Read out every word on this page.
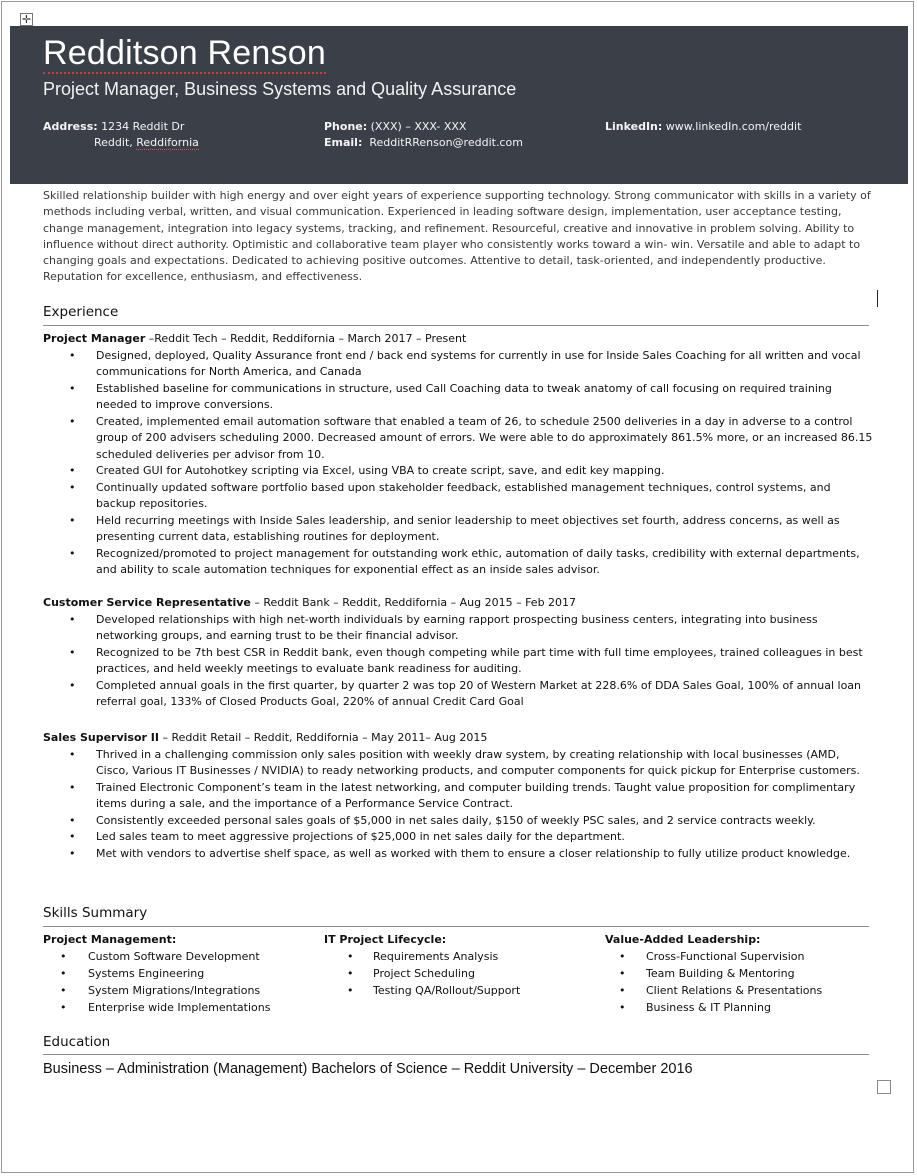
✛
Redditson Renson
Project Manager, Business Systems and Quality Assurance
Address: 1234 Reddit Dr
Reddit, Reddifornia
Phone: (XXX) – XXX- XXX
Email: RedditRRenson@reddit.com
LinkedIn: www.linkedIn.com/reddit
Skilled relationship builder with high energy and over eight years of experience supporting technology. Strong communicator with skills in a variety of methods including verbal, written, and visual communication. Experienced in leading software design, implementation, user acceptance testing, change management, integration into legacy systems, tracking, and refinement. Resourceful, creative and innovative in problem solving. Ability to influence without direct authority. Optimistic and collaborative team player who consistently works toward a win- win. Versatile and able to adapt to changing goals and expectations. Dedicated to achieving positive outcomes. Attentive to detail, task-oriented, and independently productive. Reputation for excellence, enthusiasm, and effectiveness.
Experience
Project Manager –Reddit Tech – Reddit, Reddifornia – March 2017 – Present
• Designed, deployed, Quality Assurance front end / back end systems for currently in use for Inside Sales Coaching for all written and vocal communications for North America, and Canada
• Established baseline for communications in structure, used Call Coaching data to tweak anatomy of call focusing on required training needed to improve conversions.
• Created, implemented email automation software that enabled a team of 26, to schedule 2500 deliveries in a day in adverse to a control group of 200 advisers scheduling 2000. Decreased amount of errors. We were able to do approximately 861.5% more, or an increased 86.15 scheduled deliveries per advisor from 10.
• Created GUI for Autohotkey scripting via Excel, using VBA to create script, save, and edit key mapping.
• Continually updated software portfolio based upon stakeholder feedback, established management techniques, control systems, and backup repositories.
• Held recurring meetings with Inside Sales leadership, and senior leadership to meet objectives set fourth, address concerns, as well as presenting current data, establishing routines for deployment.
• Recognized/promoted to project management for outstanding work ethic, automation of daily tasks, credibility with external departments, and ability to scale automation techniques for exponential effect as an inside sales advisor.
Customer Service Representative – Reddit Bank – Reddit, Reddifornia – Aug 2015 – Feb 2017
• Developed relationships with high net-worth individuals by earning rapport prospecting business centers, integrating into business networking groups, and earning trust to be their financial advisor.
• Recognized to be 7th best CSR in Reddit bank, even though competing while part time with full time employees, trained colleagues in best practices, and held weekly meetings to evaluate bank readiness for auditing.
• Completed annual goals in the first quarter, by quarter 2 was top 20 of Western Market at 228.6% of DDA Sales Goal, 100% of annual loan referral goal, 133% of Closed Products Goal, 220% of annual Credit Card Goal
Sales Supervisor II – Reddit Retail – Reddit, Reddifornia – May 2011– Aug 2015
• Thrived in a challenging commission only sales position with weekly draw system, by creating relationship with local businesses (AMD, Cisco, Various IT Businesses / NVIDIA) to ready networking products, and computer components for quick pickup for Enterprise customers.
• Trained Electronic Component’s team in the latest networking, and computer building trends. Taught value proposition for complimentary items during a sale, and the importance of a Performance Service Contract.
• Consistently exceeded personal sales goals of $5,000 in net sales daily, $150 of weekly PSC sales, and 2 service contracts weekly.
• Led sales team to meet aggressive projections of $25,000 in net sales daily for the department.
• Met with vendors to advertise shelf space, as well as worked with them to ensure a closer relationship to fully utilize product knowledge.
Skills Summary
Project Management:
• Custom Software Development
• Systems Engineering
• System Migrations/Integrations
• Enterprise wide Implementations
IT Project Lifecycle:
• Requirements Analysis
• Project Scheduling
• Testing QA/Rollout/Support
Value-Added Leadership:
• Cross-Functional Supervision
• Team Building & Mentoring
• Client Relations & Presentations
• Business & IT Planning
Education
Business – Administration (Management) Bachelors of Science – Reddit University – December 2016
